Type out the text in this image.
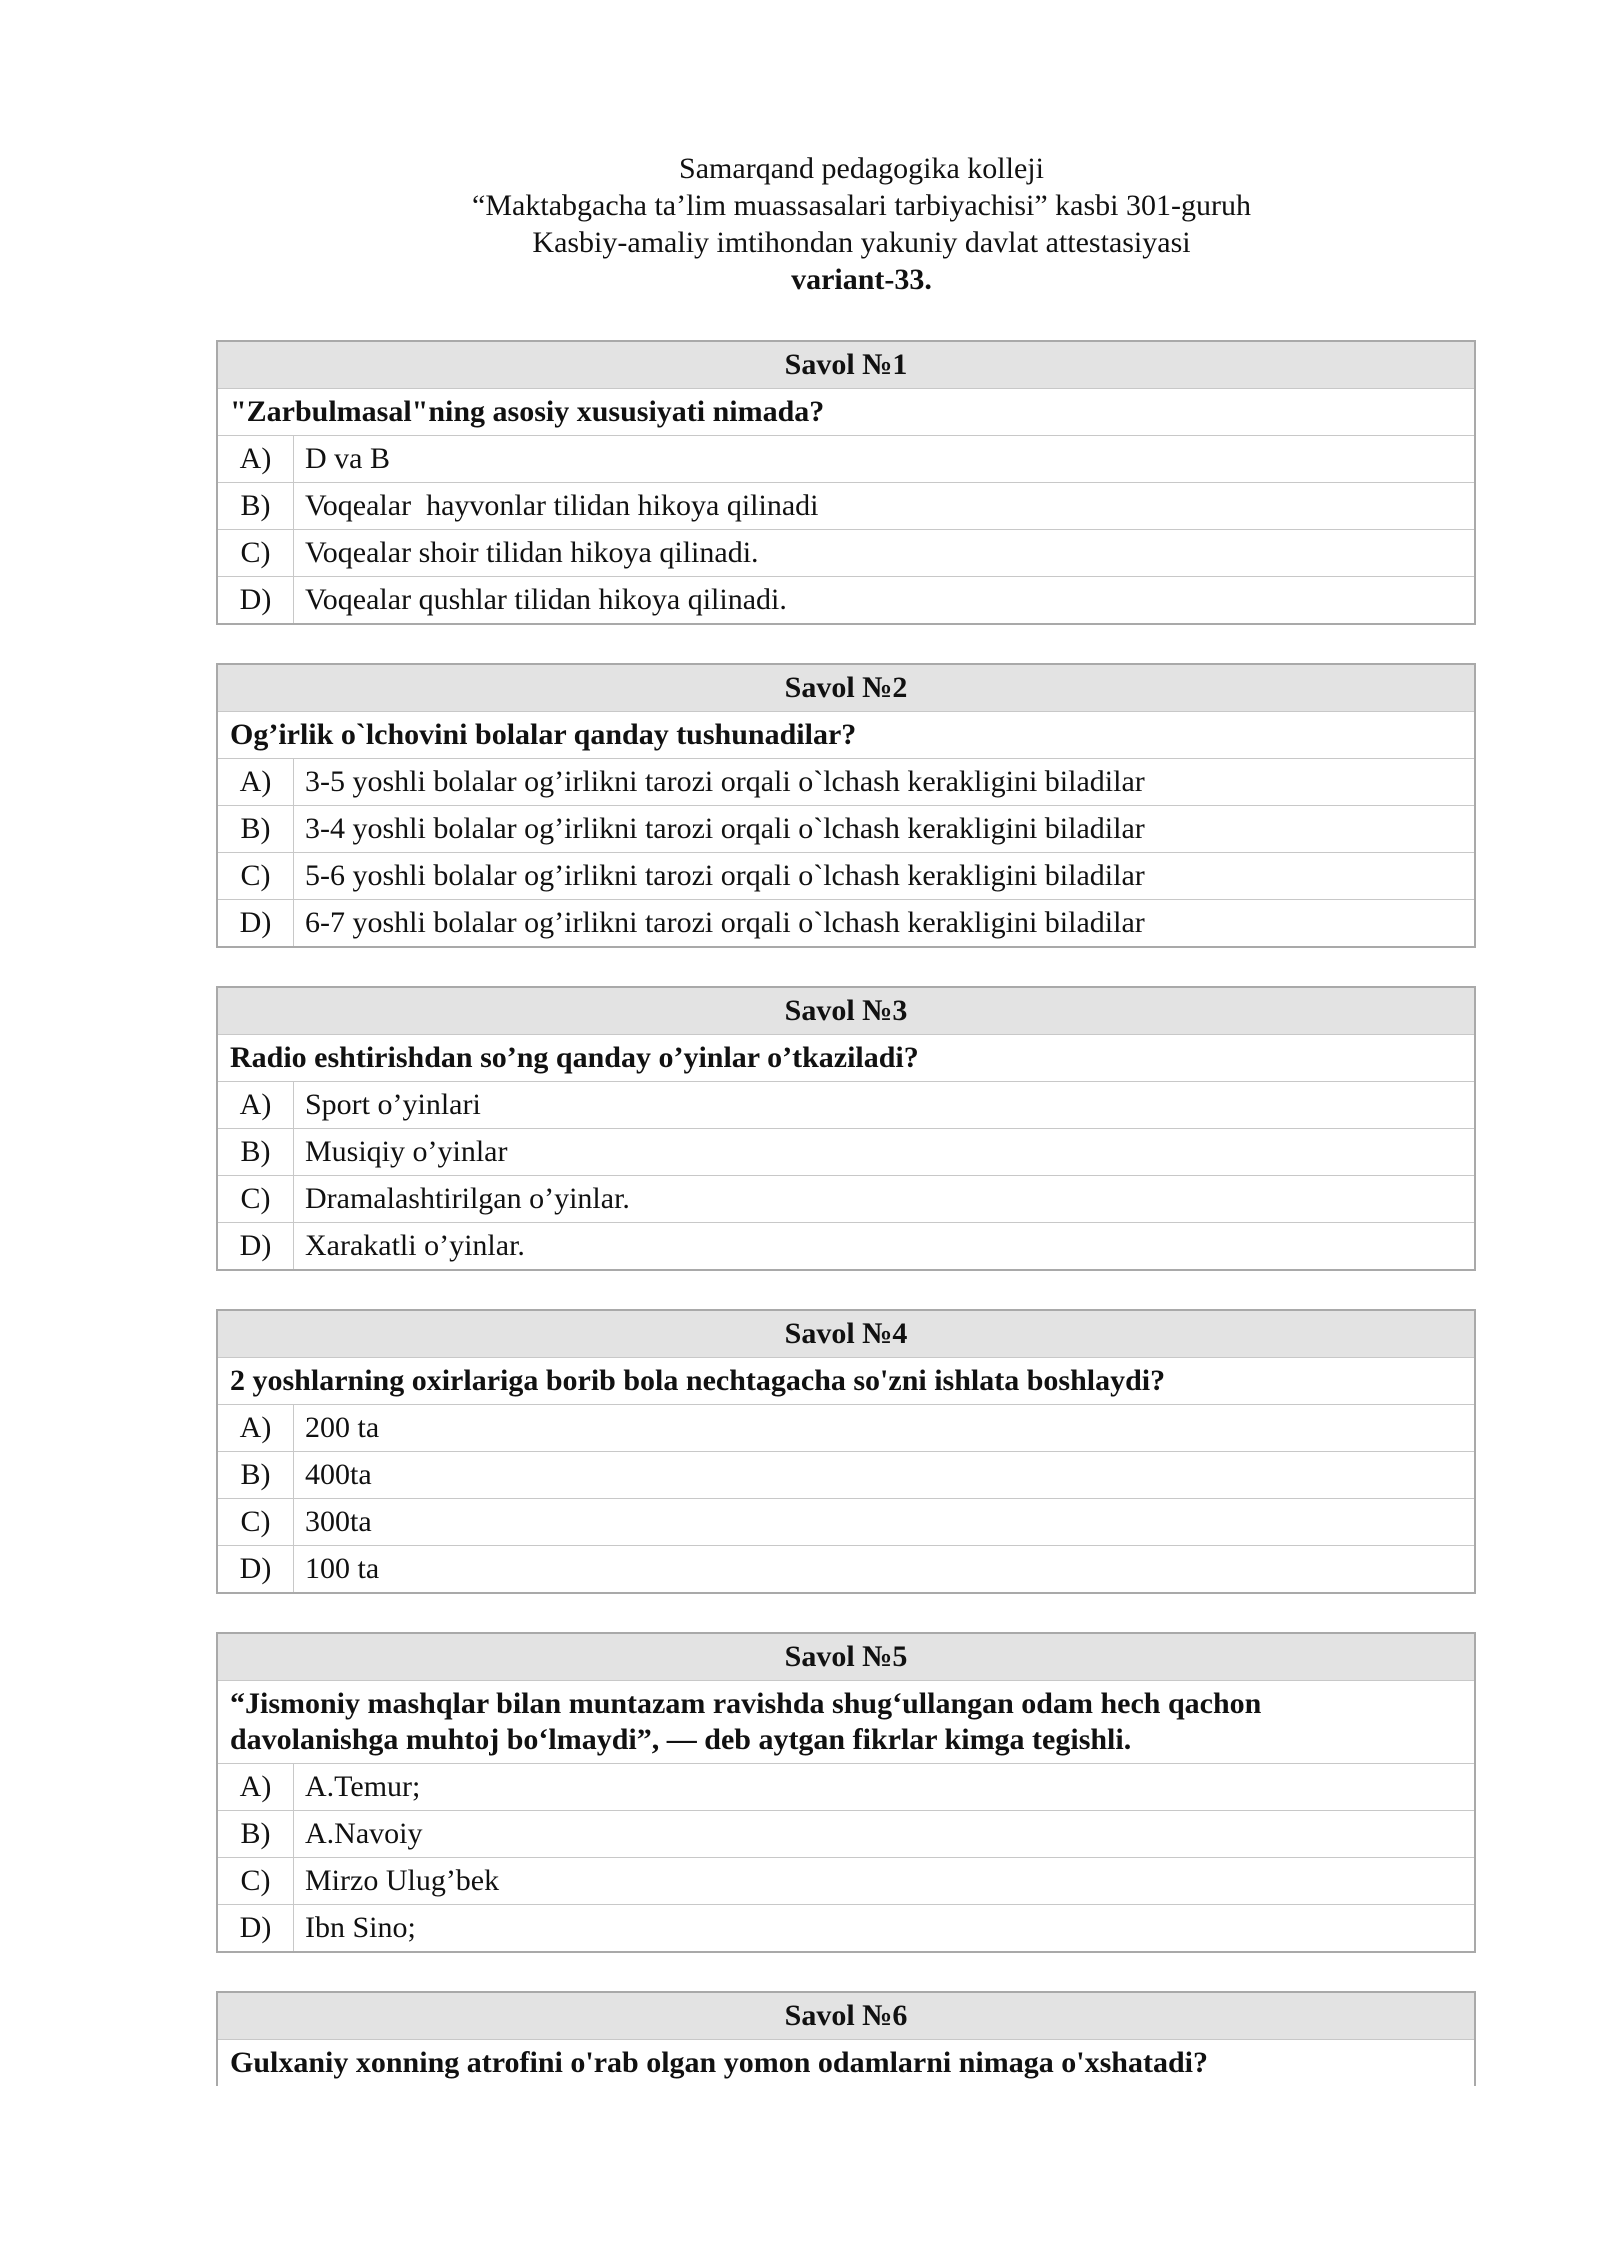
Samarqand pedagogika kolleji
“Maktabgacha ta’lim muassasalari tarbiyachisi” kasbi 301-guruh
Kasbiy-amaliy imtihondan yakuniy davlat attestasiyasi
variant-33.
Savol №1
"Zarbulmasal"ning asosiy xususiyati nimada?
A)	D va B
B)	Voqealar  hayvonlar tilidan hikoya qilinadi
C)	Voqealar shoir tilidan hikoya qilinadi.
D)	Voqealar qushlar tilidan hikoya qilinadi.
Savol №2
Og’irlik o`lchovini bolalar qanday tushunadilar?
A)	3-5 yoshli bolalar og’irlikni tarozi orqali o`lchash kerakligini biladilar
B)	3-4 yoshli bolalar og’irlikni tarozi orqali o`lchash kerakligini biladilar
C)	5-6 yoshli bolalar og’irlikni tarozi orqali o`lchash kerakligini biladilar
D)	6-7 yoshli bolalar og’irlikni tarozi orqali o`lchash kerakligini biladilar
Savol №3
Radio eshtirishdan so’ng qanday o’yinlar o’tkaziladi?
A)	Sport o’yinlari
B)	Musiqiy o’yinlar
C)	Dramalashtirilgan o’yinlar.
D)	Xarakatli o’yinlar.
Savol №4
2 yoshlarning oxirlariga borib bola nechtagacha so'zni ishlata boshlaydi?
A)	200 ta
B)	400ta
C)	300ta
D)	100 ta
Savol №5
“Jismoniy mashqlar bilan muntazam ravishda shug‘ullangan odam hech qachon
davolanishga muhtoj bo‘lmaydi”, — deb aytgan fikrlar kimga tegishli.
A)	A.Temur;
B)	A.Navoiy
C)	Mirzo Ulug’bek
D)	Ibn Sino;
Savol №6
Gulxaniy xonning atrofini o'rab olgan yomon odamlarni nimaga o'xshatadi?
